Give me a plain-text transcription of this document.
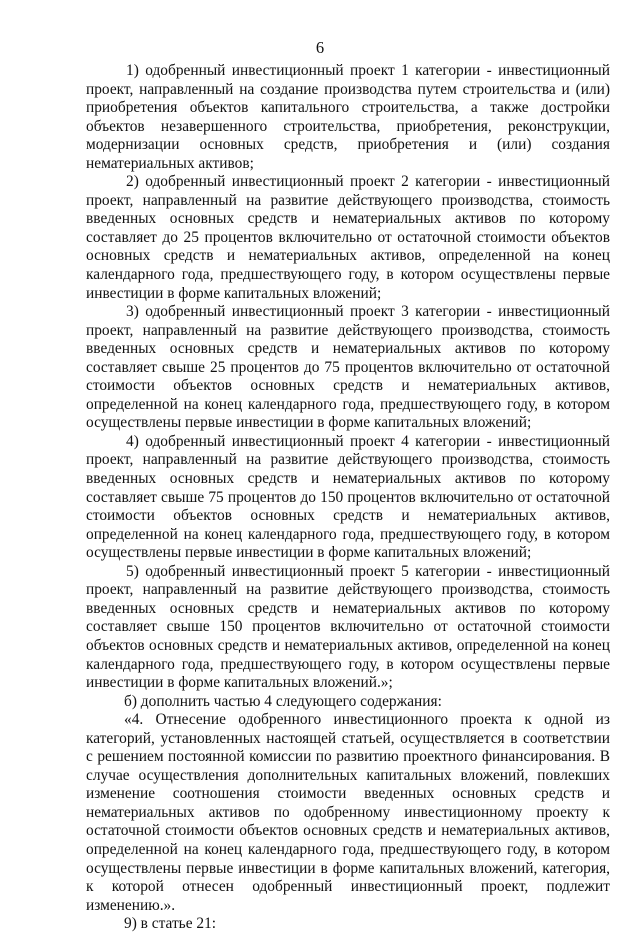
6

1) одобренный инвестиционный проект 1 категории - инвестиционный проект, направленный на создание производства путем строительства и (или) приобретения объектов капитального строительства, а также достройки объектов незавершенного строительства, приобретения, реконструкции, модернизации основных средств, приобретения и (или) создания нематериальных активов;

2) одобренный инвестиционный проект 2 категории - инвестиционный проект, направленный на развитие действующего производства, стоимость введенных основных средств и нематериальных активов по которому составляет до 25 процентов включительно от остаточной стоимости объектов основных средств и нематериальных активов, определенной на конец календарного года, предшествующего году, в котором осуществлены первые инвестиции в форме капитальных вложений;

3) одобренный инвестиционный проект 3 категории - инвестиционный проект, направленный на развитие действующего производства, стоимость введенных основных средств и нематериальных активов по которому составляет свыше 25 процентов до 75 процентов включительно от остаточной стоимости объектов основных средств и нематериальных активов, определенной на конец календарного года, предшествующего году, в котором осуществлены первые инвестиции в форме капитальных вложений;

4) одобренный инвестиционный проект 4 категории - инвестиционный проект, направленный на развитие действующего производства, стоимость введенных основных средств и нематериальных активов по которому составляет свыше 75 процентов до 150 процентов включительно от остаточной стоимости объектов основных средств и нематериальных активов, определенной на конец календарного года, предшествующего году, в котором осуществлены первые инвестиции в форме капитальных вложений;

5) одобренный инвестиционный проект 5 категории - инвестиционный проект, направленный на развитие действующего производства, стоимость введенных основных средств и нематериальных активов по которому составляет свыше 150 процентов включительно от остаточной стоимости объектов основных средств и нематериальных активов, определенной на конец календарного года, предшествующего году, в котором осуществлены первые инвестиции в форме капитальных вложений.»;

б) дополнить частью 4 следующего содержания:

«4. Отнесение одобренного инвестиционного проекта к одной из категорий, установленных настоящей статьей, осуществляется в соответствии с решением постоянной комиссии по развитию проектного финансирования. В случае осуществления дополнительных капитальных вложений, повлекших изменение соотношения стоимости введенных основных средств и нематериальных активов по одобренному инвестиционному проекту к остаточной стоимости объектов основных средств и нематериальных активов, определенной на конец календарного года, предшествующего году, в котором осуществлены первые инвестиции в форме капитальных вложений, категория, к которой отнесен одобренный инвестиционный проект, подлежит изменению.».

9) в статье 21:
